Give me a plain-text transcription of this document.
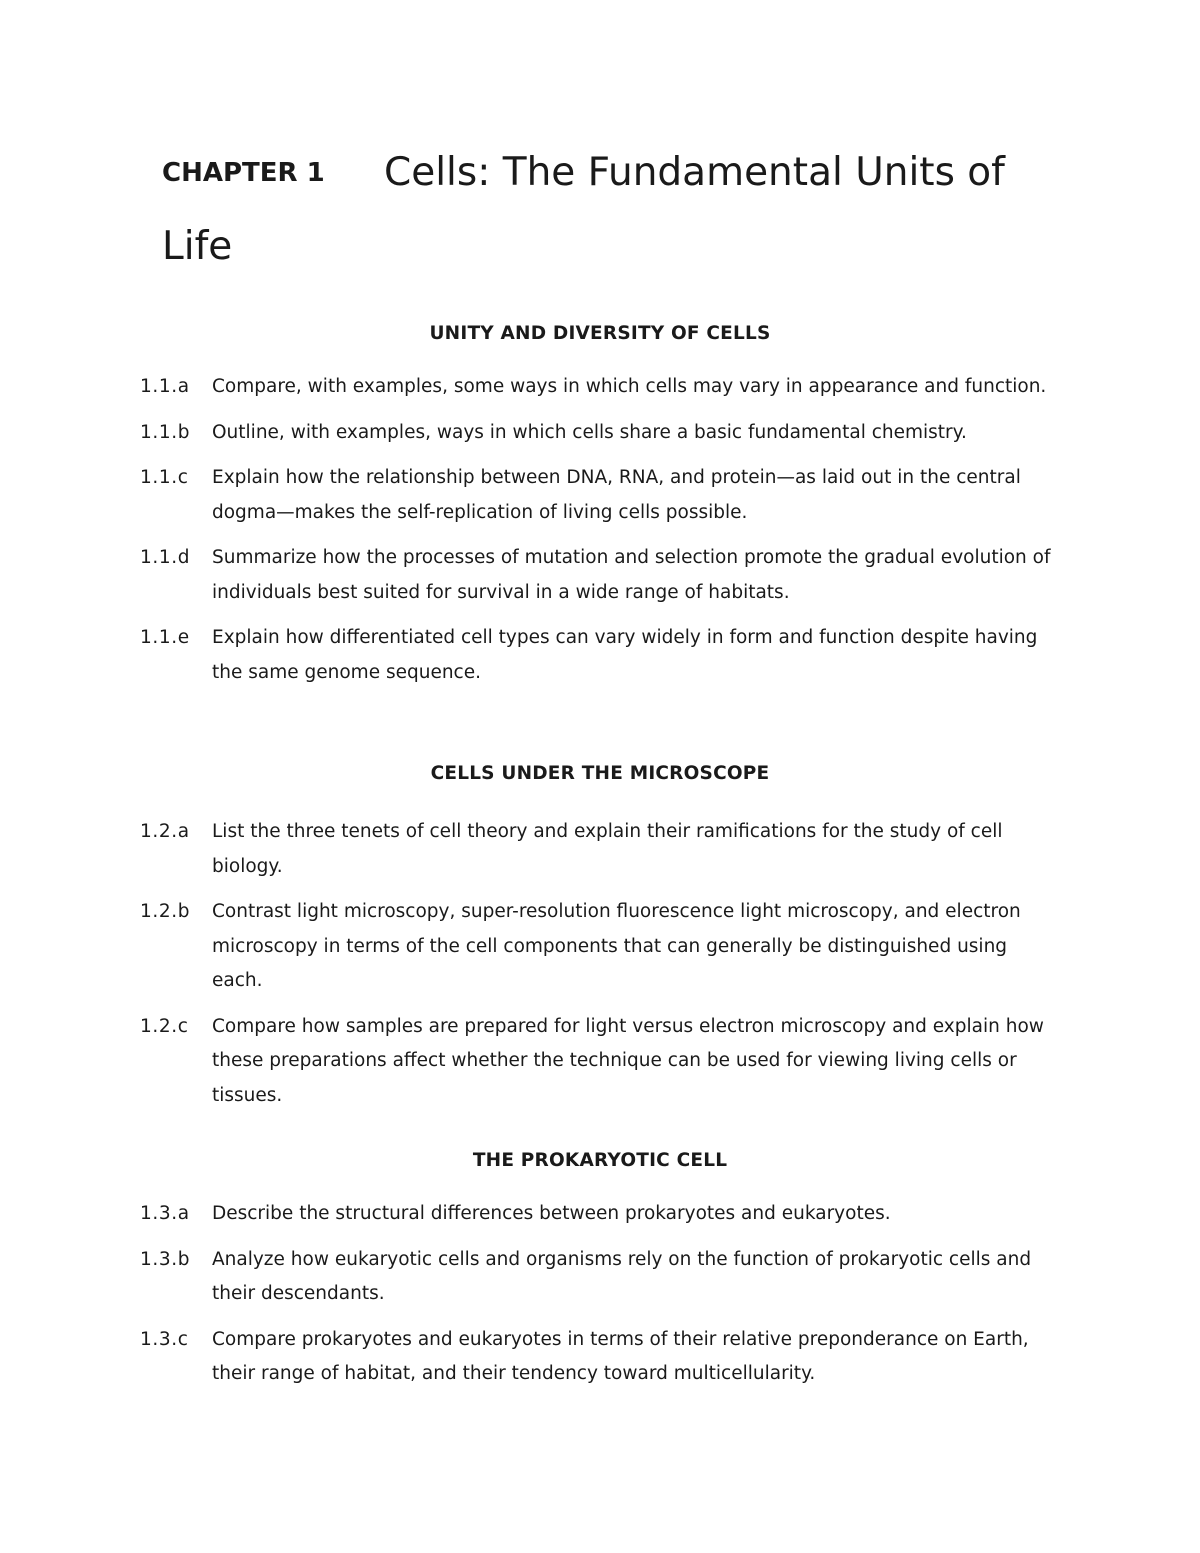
CHAPTER 1 Cells: The Fundamental Units of Life
UNITY AND DIVERSITY OF CELLS
1.1.a	Compare, with examples, some ways in which cells may vary in appearance and function.
1.1.b	Outline, with examples, ways in which cells share a basic fundamental chemistry.
1.1.c	Explain how the relationship between DNA, RNA, and protein—as laid out in the central dogma—makes the self-replication of living cells possible.
1.1.d	Summarize how the processes of mutation and selection promote the gradual evolution of individuals best suited for survival in a wide range of habitats.
1.1.e	Explain how differentiated cell types can vary widely in form and function despite having the same genome sequence.
CELLS UNDER THE MICROSCOPE
1.2.a	List the three tenets of cell theory and explain their ramifications for the study of cell biology.
1.2.b	Contrast light microscopy, super-resolution fluorescence light microscopy, and electron microscopy in terms of the cell components that can generally be distinguished using each.
1.2.c	Compare how samples are prepared for light versus electron microscopy and explain how these preparations affect whether the technique can be used for viewing living cells or tissues.
THE PROKARYOTIC CELL
1.3.a	Describe the structural differences between prokaryotes and eukaryotes.
1.3.b	Analyze how eukaryotic cells and organisms rely on the function of prokaryotic cells and their descendants.
1.3.c	Compare prokaryotes and eukaryotes in terms of their relative preponderance on Earth, their range of habitat, and their tendency toward multicellularity.
